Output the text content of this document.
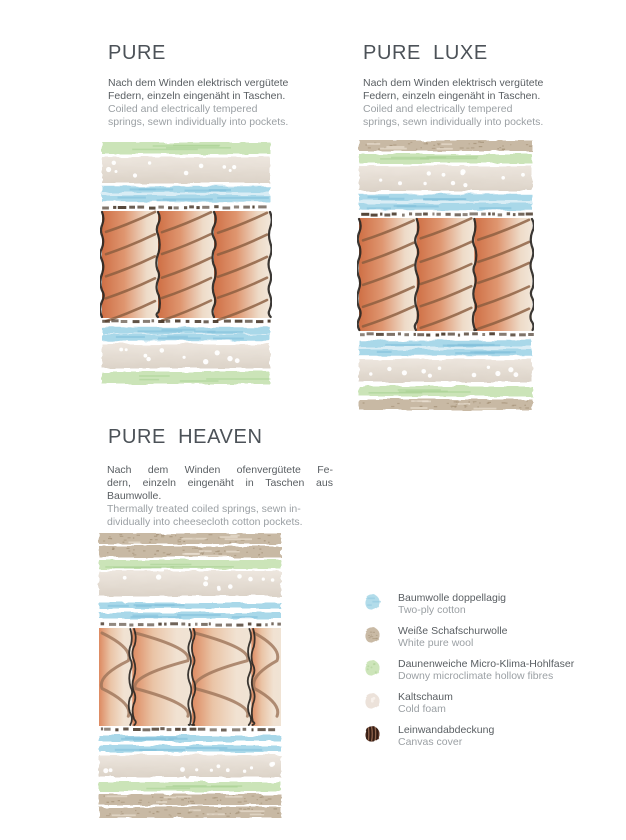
PURE

Nach dem Winden elektrisch vergütete
Federn, einzeln eingenäht in Taschen.

Coiled and electrically tempered
springs, sewn individually into pockets.

PURE LUXE

Nach dem Winden elektrisch vergütete
Federn, einzeln eingenäht in Taschen.

Coiled and electrically tempered
springs, sewn individually into pockets.

PURE HEAVEN

Nach dem Winden ofenvergütete Fe-
dern, einzeln eingenäht in Taschen aus
Baumwolle.

Thermally treated coiled springs, sewn in-
dividually into cheesecloth cotton pockets.

Baumwolle doppellagig
Two-ply cotton
Weiße Schafschurwolle
White pure wool
Daunenweiche Micro-Klima-Hohlfaser
Downy microclimate hollow fibres
Kaltschaum
Cold foam
Leinwandabdeckung
Canvas cover
